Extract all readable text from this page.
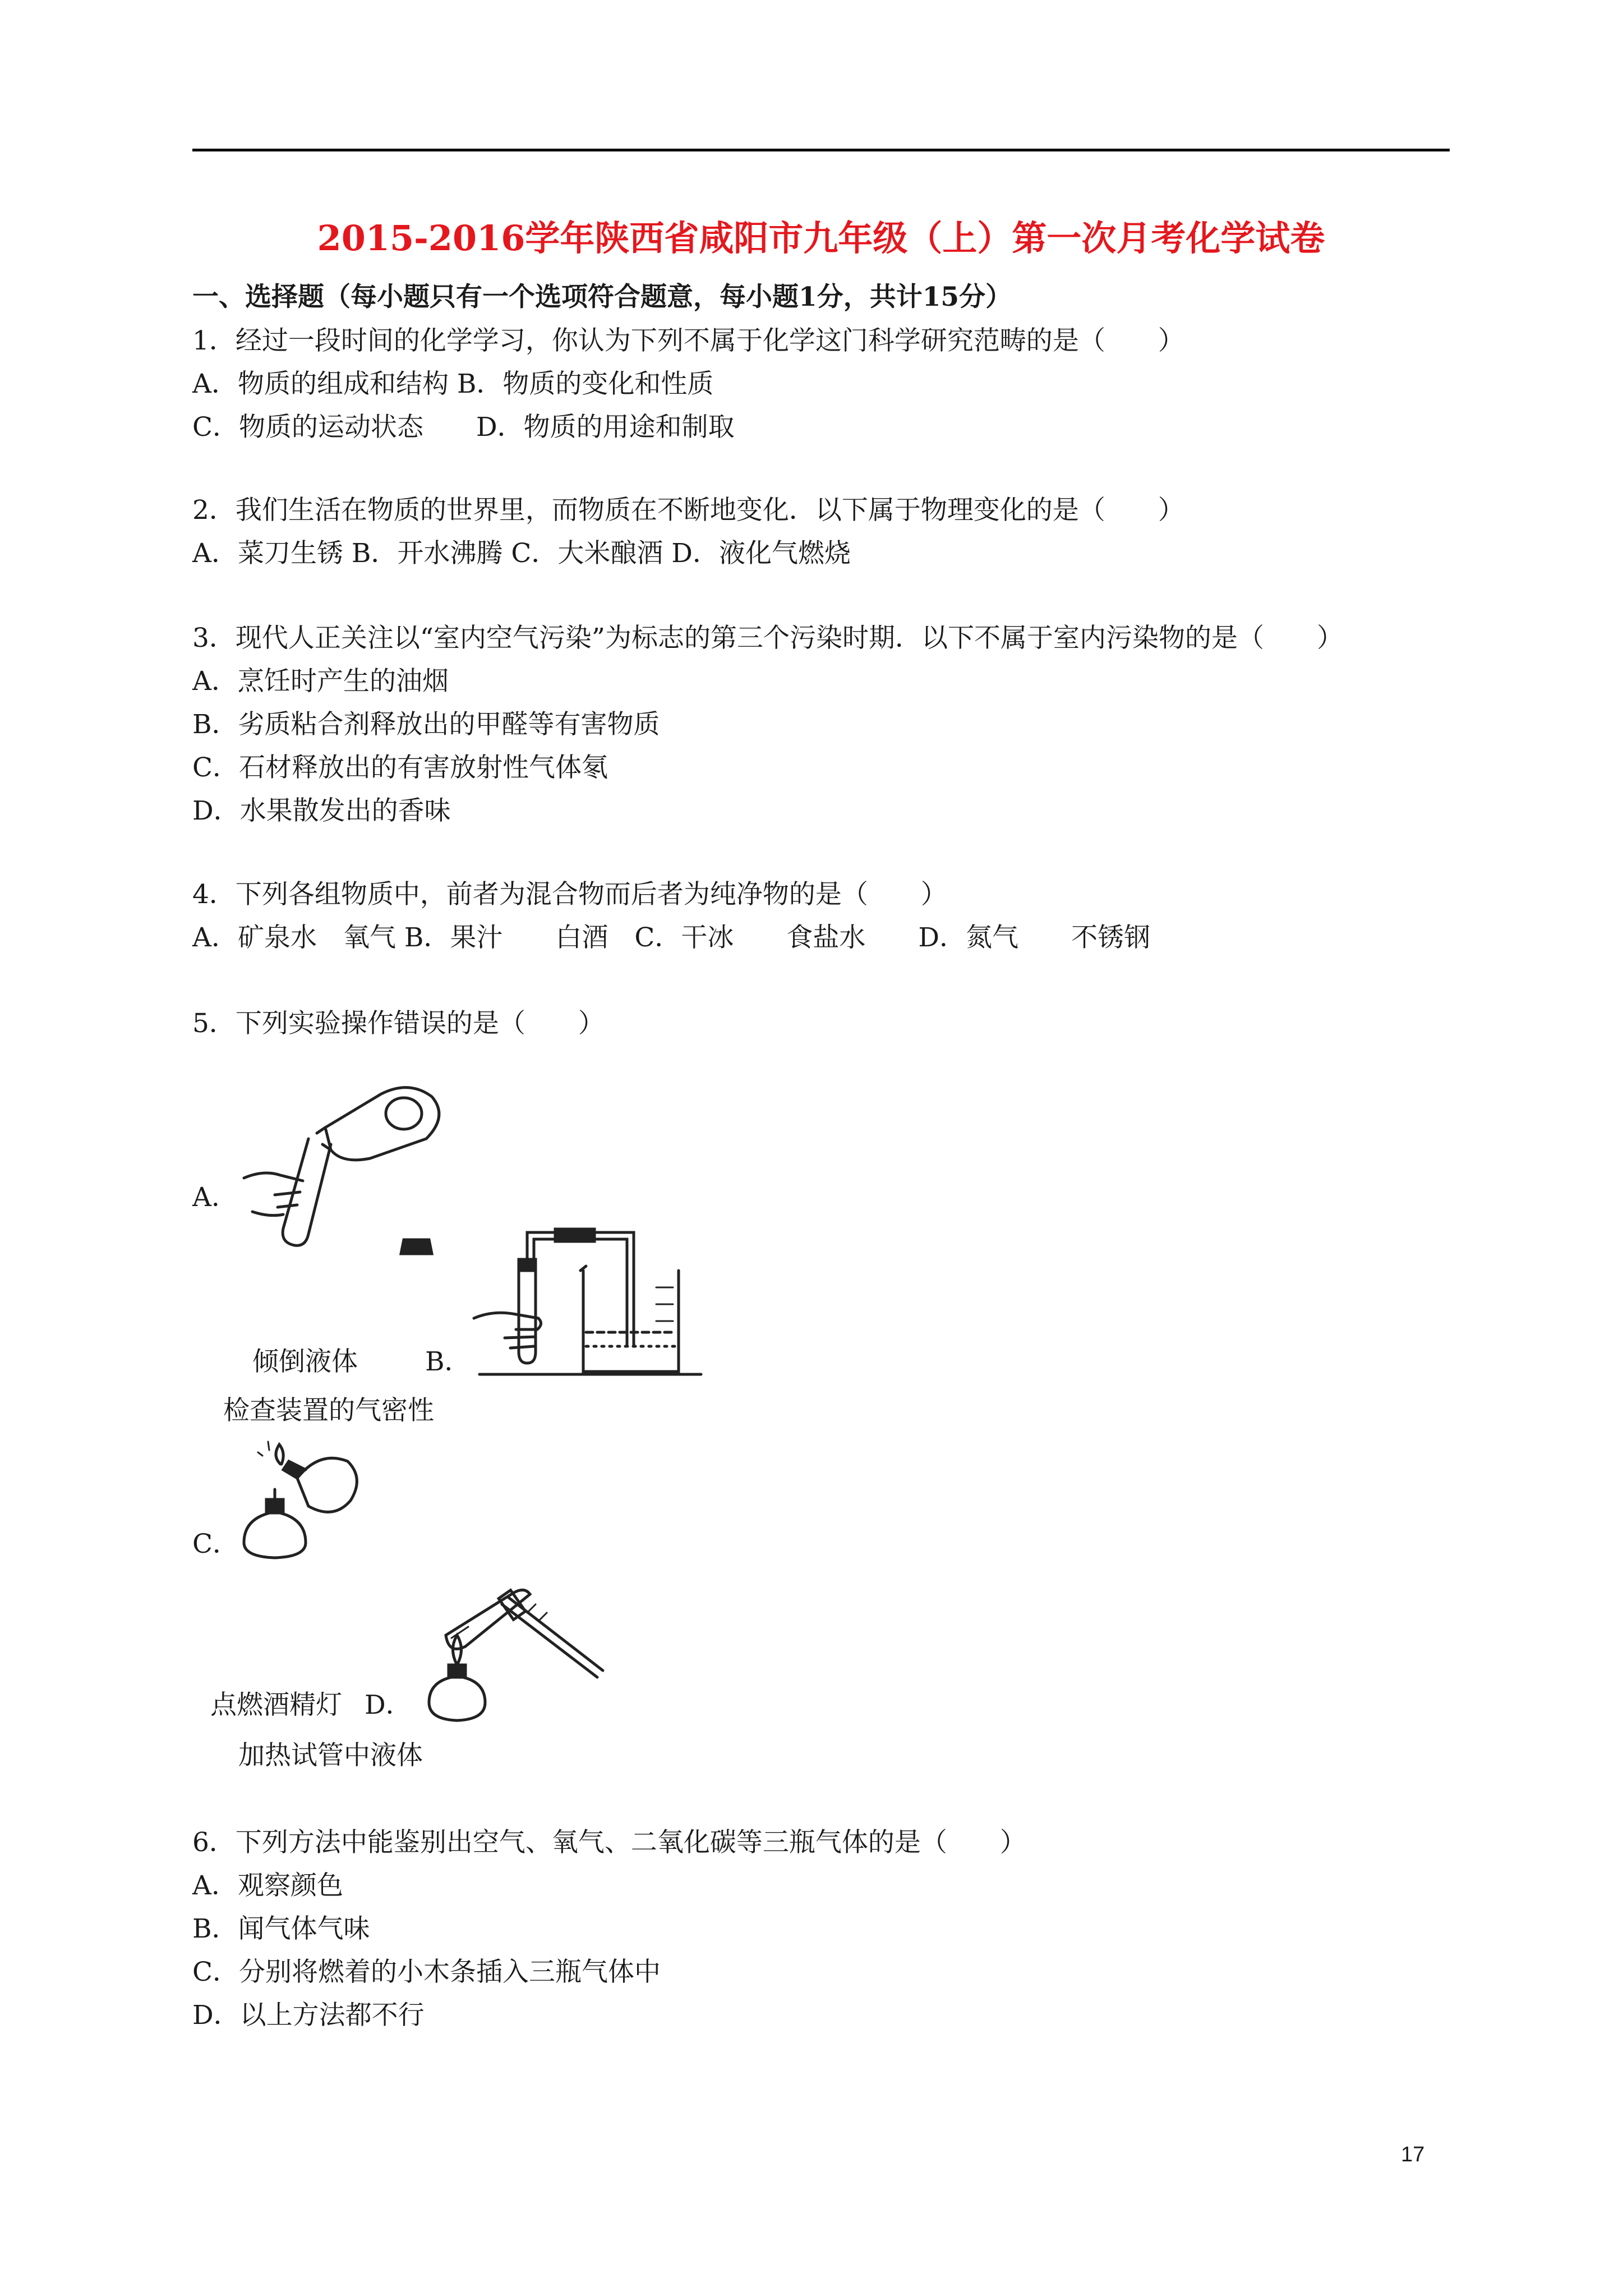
2015-2016学年陕西省咸阳市九年级（上）第一次月考化学试卷
一、选择题（每小题只有一个选项符合题意，每小题1分，共计15分）
1．经过一段时间的化学学习，你认为下列不属于化学这门科学研究范畴的是（　　）
A．物质的组成和结构 B．物质的变化和性质
C．物质的运动状态　　D．物质的用途和制取
2．我们生活在物质的世界里，而物质在不断地变化．以下属于物理变化的是（　　）
A．菜刀生锈 B．开水沸腾 C．大米酿酒 D．液化气燃烧
3．现代人正关注以“室内空气污染”为标志的第三个污染时期．以下不属于室内污染物的是（　　）
A．烹饪时产生的油烟
B．劣质粘合剂释放出的甲醛等有害物质
C．石材释放出的有害放射性气体氡
D．水果散发出的香味
4．下列各组物质中，前者为混合物而后者为纯净物的是（　　）
A．矿泉水　氧气 B．果汁　　白酒　C．干冰　　食盐水　　D．氮气　　不锈钢
5．下列实验操作错误的是（　　）
A．
倾倒液体	B．
检查装置的气密性
C．
点燃酒精灯 D．
加热试管中液体
6．下列方法中能鉴别出空气、氧气、二氧化碳等三瓶气体的是（　　）
A．观察颜色
B．闻气体气味
C．分别将燃着的小木条插入三瓶气体中
D．以上方法都不行
17
